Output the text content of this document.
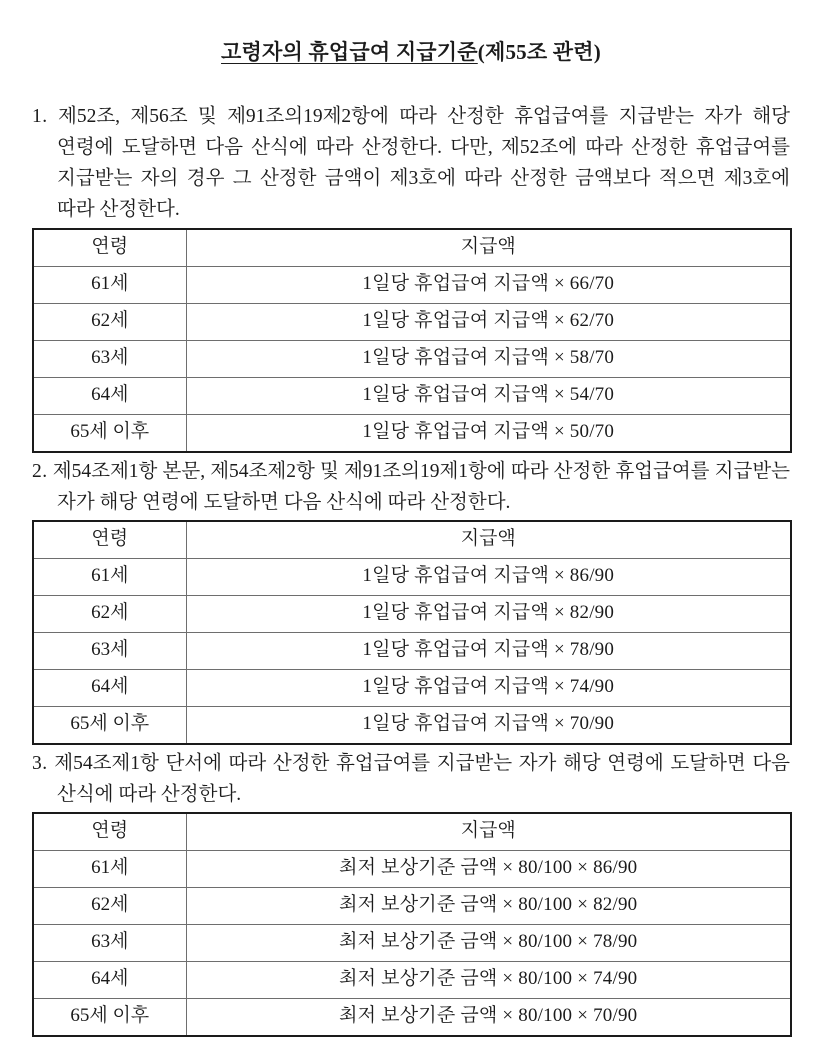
고령자의 휴업급여 지급기준(제55조 관련)

1. 제52조, 제56조 및 제91조의19제2항에 따라 산정한 휴업급여를 지급받는 자가 해당 연령에 도달하면 다음 산식에 따라 산정한다. 다만, 제52조에 따라 산정한 휴업급여를 지급받는 자의 경우 그 산정한 금액이 제3호에 따라 산정한 금액보다 적으면 제3호에 따라 산정한다.

연령	지급액
61세	1일당 휴업급여 지급액 × 66/70
62세	1일당 휴업급여 지급액 × 62/70
63세	1일당 휴업급여 지급액 × 58/70
64세	1일당 휴업급여 지급액 × 54/70
65세 이후	1일당 휴업급여 지급액 × 50/70

2. 제54조제1항 본문, 제54조제2항 및 제91조의19제1항에 따라 산정한 휴업급여를 지급받는 자가 해당 연령에 도달하면 다음 산식에 따라 산정한다.

연령	지급액
61세	1일당 휴업급여 지급액 × 86/90
62세	1일당 휴업급여 지급액 × 82/90
63세	1일당 휴업급여 지급액 × 78/90
64세	1일당 휴업급여 지급액 × 74/90
65세 이후	1일당 휴업급여 지급액 × 70/90

3. 제54조제1항 단서에 따라 산정한 휴업급여를 지급받는 자가 해당 연령에 도달하면 다음 산식에 따라 산정한다.

연령	지급액
61세	최저 보상기준 금액 × 80/100 × 86/90
62세	최저 보상기준 금액 × 80/100 × 82/90
63세	최저 보상기준 금액 × 80/100 × 78/90
64세	최저 보상기준 금액 × 80/100 × 74/90
65세 이후	최저 보상기준 금액 × 80/100 × 70/90
